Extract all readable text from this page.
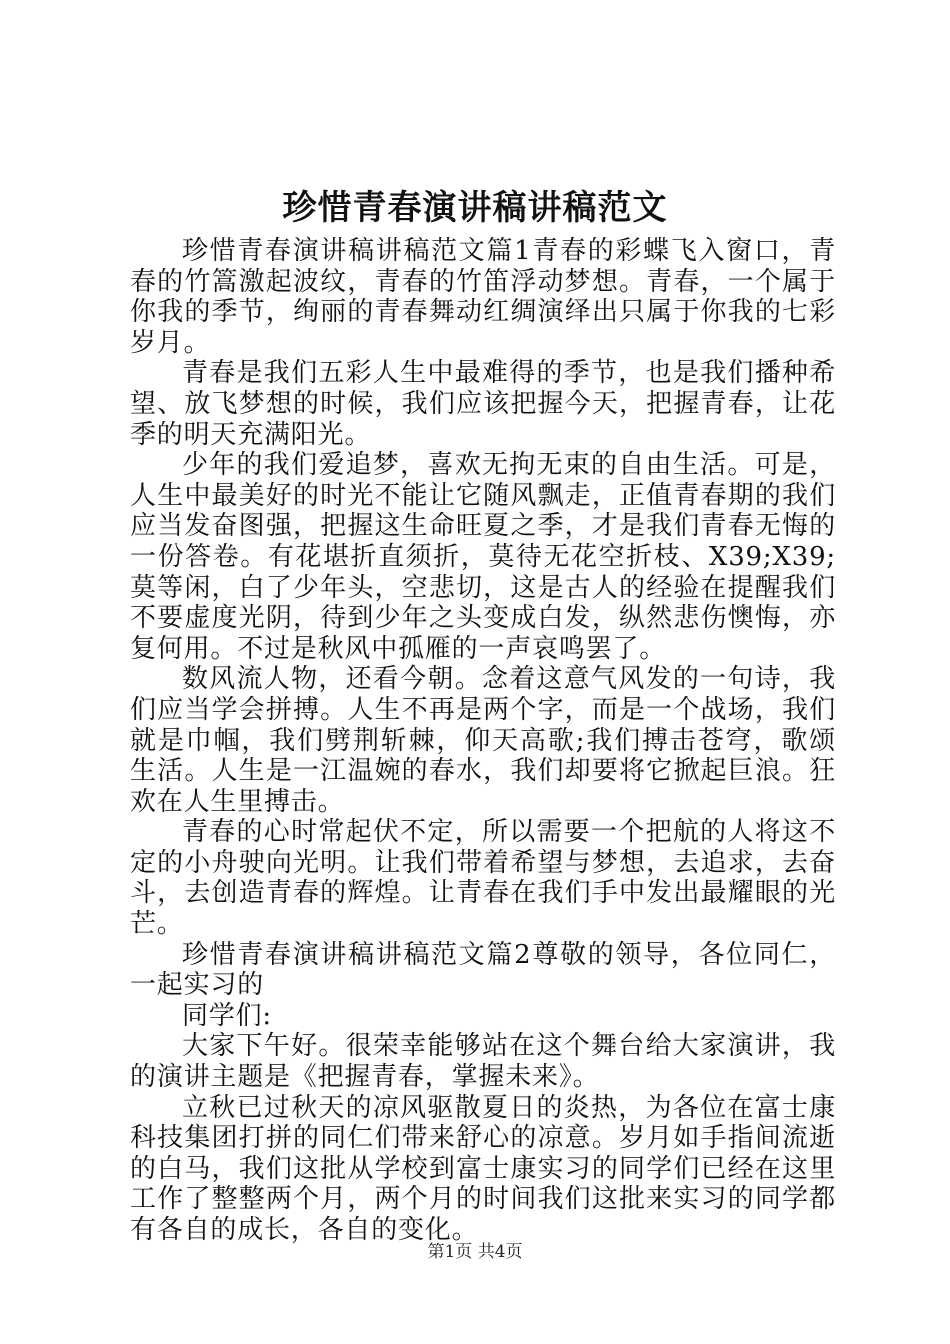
珍惜青春演讲稿讲稿范文

珍惜青春演讲稿讲稿范文篇1青春的彩蝶飞入窗口，青春的竹篙激起波纹，青春的竹笛浮动梦想。青春，一个属于你我的季节，绚丽的青春舞动红绸演绎出只属于你我的七彩岁月。

青春是我们五彩人生中最难得的季节，也是我们播种希望、放飞梦想的时候，我们应该把握今天，把握青春，让花季的明天充满阳光。

少年的我们爱追梦，喜欢无拘无束的自由生活。可是，人生中最美好的时光不能让它随风飘走，正值青春期的我们应当发奋图强，把握这生命旺夏之季，才是我们青春无悔的一份答卷。有花堪折直须折，莫待无花空折枝、X39;X39;莫等闲，白了少年头，空悲切，这是古人的经验在提醒我们不要虚度光阴，待到少年之头变成白发，纵然悲伤懊悔，亦复何用。不过是秋风中孤雁的一声哀鸣罢了。

数风流人物，还看今朝。念着这意气风发的一句诗，我们应当学会拼搏。人生不再是两个字，而是一个战场，我们就是巾帼，我们劈荆斩棘，仰天高歌;我们搏击苍穹，歌颂生活。人生是一江温婉的春水，我们却要将它掀起巨浪。狂欢在人生里搏击。

青春的心时常起伏不定，所以需要一个把航的人将这不定的小舟驶向光明。让我们带着希望与梦想，去追求，去奋斗，去创造青春的辉煌。让青春在我们手中发出最耀眼的光芒。

珍惜青春演讲稿讲稿范文篇2尊敬的领导，各位同仁，一起实习的

同学们:

大家下午好。很荣幸能够站在这个舞台给大家演讲，我的演讲主题是《把握青春，掌握未来》。

立秋已过秋天的凉风驱散夏日的炎热，为各位在富士康科技集团打拼的同仁们带来舒心的凉意。岁月如手指间流逝的白马，我们这批从学校到富士康实习的同学们已经在这里工作了整整两个月，两个月的时间我们这批来实习的同学都有各自的成长，各自的变化。

第1页 共4页
